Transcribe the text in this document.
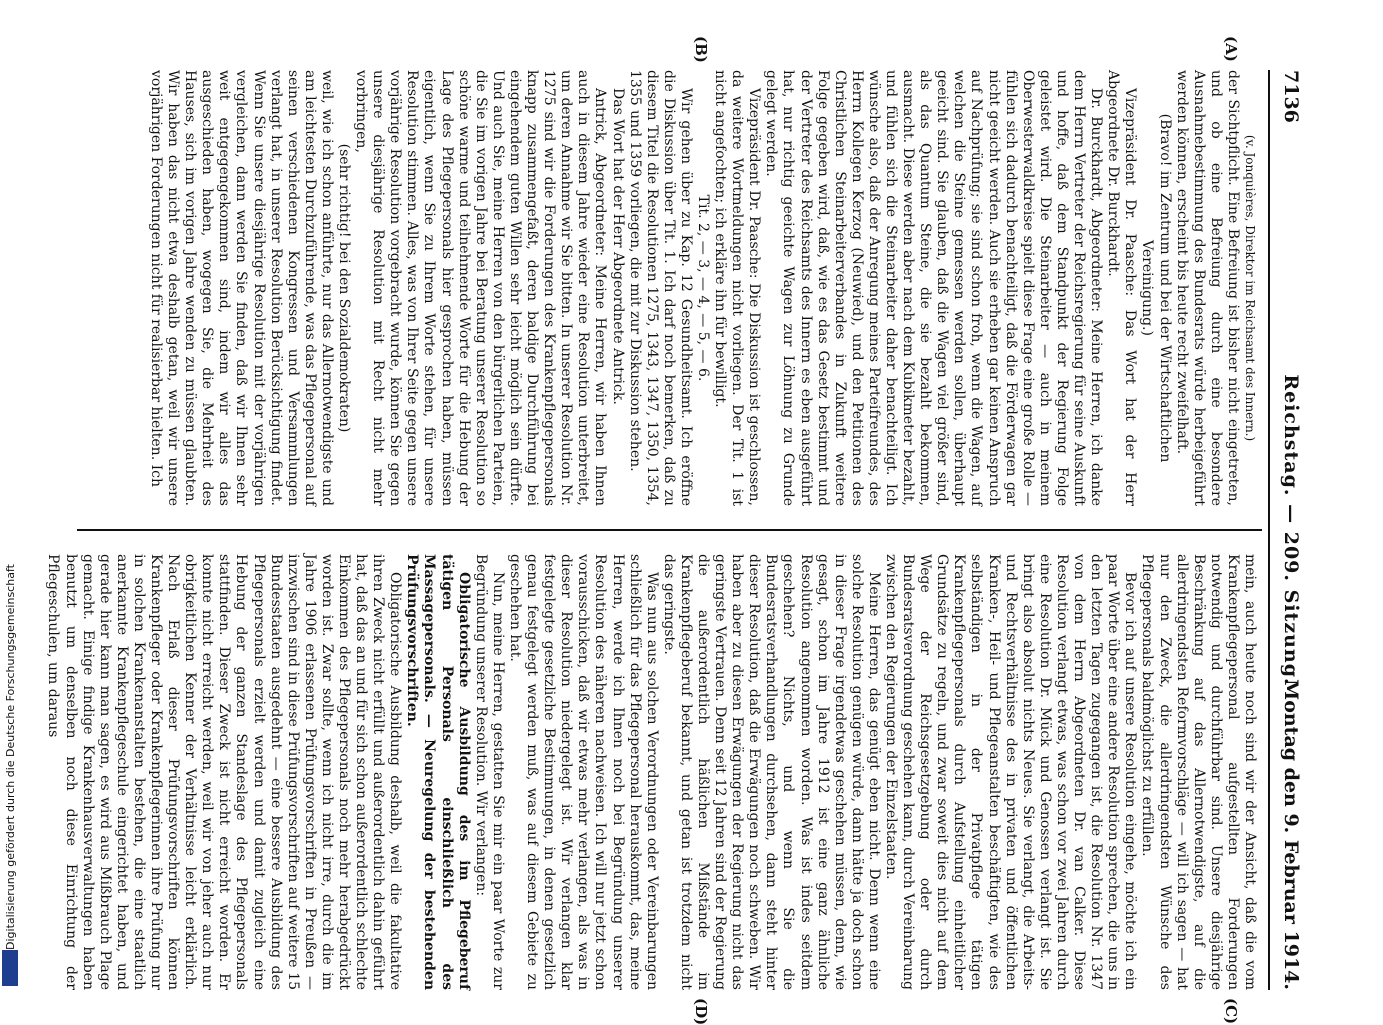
7136
Reichstag. — 209. Sitzung.
Montag den 9. Februar 1914.
(A)
(B)
(C)
(D)

(v. Jonquières, Direktor im Reichsamt des Innern.)

der Sichtpflicht. Eine Befreiung ist bisher nicht eingetreten, und ob eine Befreiung durch eine besondere Ausnahmebestimmung des Bundesrats würde herbeigeführt werden können, erscheint bis heute recht zweifelhaft.

(Bravo! im Zentrum und bei der Wirtschaftlichen Vereinigung.)

Vizepräsident Dr. Paasche: Das Wort hat der Herr Abgeordnete Dr. Burckhardt.

Dr. Burckhardt, Abgeordneter: Meine Herren, ich danke dem Herrn Vertreter der Reichsregierung für seine Auskunft und hoffe, daß dem Standpunkt der Regierung Folge geleistet wird. Die Steinarbeiter — auch in meinem Oberwesterwaldkreise spielt diese Frage eine große Rolle — fühlen sich dadurch benachteiligt, daß die Förderwagen gar nicht geeicht werden. Auch sie erheben gar keinen Anspruch auf Nachprüfung; sie sind schon froh, wenn die Wagen, auf welchen die Steine gemessen werden sollen, überhaupt geeicht sind. Sie glauben, daß die Wagen viel größer sind, als das Quantum Steine, die sie bezahlt bekommen, ausmacht. Diese werden aber nach dem Kubikmeter bezahlt, und fühlen sich die Steinarbeiter daher benachteiligt. Ich wünsche also, daß der Anregung meines Parteifreundes, des Herrn Kollegen Kerzog (Neuwied), und den Petitionen des Christlichen Steinarbeiterverbandes in Zukunft weitere Folge gegeben wird, daß, wie es das Gesetz bestimmt und der Vertreter des Reichsamts des Innern es eben ausgeführt hat, nur richtig geeichte Wagen zur Löhnung zu Grunde gelegt werden.

Vizepräsident Dr. Paasche: Die Diskussion ist geschlossen, da weitere Wortmeldungen nicht vorliegen. Der Tit. 1 ist nicht angefochten; ich erkläre ihn für bewilligt.

Tit. 2, — 3, — 4, — 5, — 6.

Wir gehen über zu Kap. 12 Gesundheitsamt. Ich eröffne die Diskussion über Tit. 1. Ich darf noch bemerken, daß zu diesem Titel die Resolutionen 1275, 1343, 1347, 1350, 1354, 1355 und 1359 vorliegen, die mit zur Diskussion stehen.

Das Wort hat der Herr Abgeordnete Antrick.

Antrick, Abgeordneter: Meine Herren, wir haben Ihnen auch in diesem Jahre wieder eine Resolution unterbreitet, um deren Annahme wir Sie bitten. In unserer Resolution Nr. 1275 sind wir die Forderungen des Krankenpflegepersonals knapp zusammengefaßt, deren baldige Durchführung bei eingehendem guten Willen sehr leicht möglich sein dürfte. Und auch Sie, meine Herren von den bürgerlichen Parteien, die Sie im vorigen Jahre bei Beratung unserer Resolution so schöne warme und teilnehmende Worte für die Hebung der Lage des Pflegepersonals hier gesprochen haben, müssen eigentlich, wenn Sie zu Ihrem Worte stehen, für unsere Resolution stimmen. Alles, was von Ihrer Seite gegen unsere vorjährige Resolution vorgebracht wurde, können Sie gegen unsere diesjährige Resolution mit Recht nicht mehr vorbringen,

(sehr richtig! bei den Sozialdemokraten)

weil, wie ich schon anführte, nur das Allernotwendigste und am leichtesten Durchzuführende, was das Pflegepersonal auf seinen verschiedenen Kongressen und Versammlungen verlangt hat, in unserer Resolution Berücksichtigung findet. Wenn Sie unsere diesjährige Resolution mit der vorjährigen vergleichen, dann werden Sie finden, daß wir Ihnen sehr weit entgegengekommen sind, indem wir alles das ausgeschieden haben, wogegen Sie, die Mehrheit des Hauses, sich im vorigen Jahre wenden zu müssen glaubten. Wir haben das nicht etwa deshalb getan, weil wir unsere vorjährigen Forderungen nicht für realisierbar hielten. Ich

mein, auch heute noch sind wir der Ansicht, daß die vom Krankenpflegepersonal aufgestellten Forderungen notwendig und durchführbar sind. Unsere diesjährige Beschränkung auf das Allernotwendigste, auf die allerdringendsten Reformvorschläge — will ich sagen — hat nur den Zweck, die allerdringendsten Wünsche des Pflegepersonals baldmöglichst zu erfüllen.

Bevor ich auf unsere Resolution eingehe, möchte ich ein paar Worte über eine andere Resolution sprechen, die uns in den letzten Tagen zugegangen ist, die Resolution Nr. 1347 von dem Herrn Abgeordneten Dr. van Calker. Diese Resolution verlangt etwas, was schon vor zwei Jahren durch eine Resolution Dr. Mück und Genossen verlangt ist. Sie bringt also absolut nichts Neues. Sie verlangt, die Arbeits- und Rechtsverhältnisse des in privaten und öffentlichen Kranken-, Heil- und Pflegeanstalten beschäftigten, wie des selbständigen in der Privatpflege tätigen Krankenpflegepersonals durch Aufstellung einheitlicher Grundsätze zu regeln, und zwar soweit dies nicht auf dem Wege der Reichsgesetzgebung oder durch Bundesratsverordnung geschehen kann, durch Vereinbarung zwischen den Regierungen der Einzelstaaten.

Meine Herren, das genügt eben nicht. Denn wenn eine solche Resolution genügen würde, dann hätte ja doch schon in dieser Frage irgendetwas geschehen müssen, denn, wie gesagt, schon im Jahre 1912 ist eine ganz ähnliche Resolution angenommen worden. Was ist indes seitdem geschehen? Nichts, und wenn Sie die Bundesratsverhandlungen durchsehen, dann steht hinter dieser Resolution, daß die Erwägungen noch schweben. Wir haben aber zu diesen Erwägungen der Regierung nicht das geringste Vertrauen. Denn seit 12 Jahren sind der Regierung die außerordentlich häßlichen Mißstände im Krankenpflegeberuf bekannt, und getan ist trotzdem nicht das geringste.

Was nun aus solchen Verordnungen oder Vereinbarungen schließlich für das Pflegepersonal herauskommt, das, meine Herren, werde ich Ihnen noch bei Begründung unserer Resolution des näheren nachweisen. Ich will nur jetzt schon vorausschicken, daß wir etwas mehr verlangen, als was in dieser Resolution niedergelegt ist. Wir verlangen klar festgelegte gesetzliche Bestimmungen, in denen gesetzlich genau festgelegt werden muß, was auf diesem Gebiete zu geschehen hat.

Nun, meine Herren, gestatten Sie mir ein paar Worte zur Begründung unserer Resolution. Wir verlangen:

Obligatorische Ausbildung des im Pflegeberuf tätigen Personals einschließlich des Massagepersonals. — Neuregelung der bestehenden Prüfungsvorschriften.

Obligatorische Ausbildung deshalb, weil die fakultative ihren Zweck nicht erfüllt und außerordentlich dahin geführt hat, daß das an und für sich schon außerordentlich schlechte Einkommen des Pflegepersonals noch mehr herabgedrückt worden ist. Zwar sollte, wenn ich nicht irre, durch die im Jahre 1906 erlassenen Prüfungsvorschriften in Preußen — inzwischen sind in diese Prüfungsvorschriften auf weitere 15 Bundesstaaten ausgedehnt — eine bessere Ausbildung des Pflegepersonals erzielt werden und damit zugleich eine Hebung der ganzen Standeslage des Pflegepersonals stattfinden. Dieser Zweck ist nicht erreicht worden. Er konnte nicht erreicht werden, weil wir von jeher auch nur obrigkeitlichen Kenner der Verhältnisse leicht erklärlich. Nach Erlaß dieser Prüfungsvorschriften können Krankenpfleger oder Krankenpflegerinnen ihre Prüfung nur in solchen Krankenanstalten bestehen, die eine staatlich anerkannte Krankenpflegeschule eingerichtet haben, und gerade hier kann man sagen, es wird aus Mißbrauch Plage gemacht. Einige findige Krankenhausverwaltungen haben benutzt um denselben noch diese Einrichtung der Pflegeschulen, um daraus

Digitalisierung gefördert durch die Deutsche Forschungsgemeinschaft
